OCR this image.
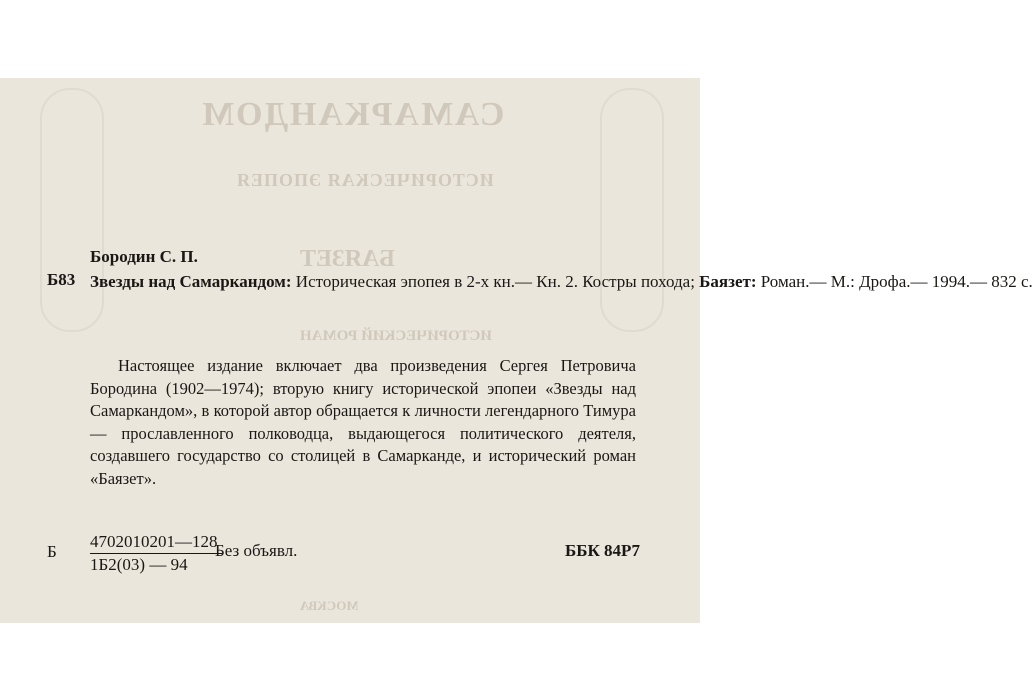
САМАРКАНДОМ
ИСТОРИЧЕСКАЯ ЭПОПЕЯ
БАЯЗЕТ
ИСТОРИЧЕСКИЙ РОМАН
МОСКВА
Бородин С. П.
Б83 Звезды над Самаркандом: Историческая эпопея в 2-х кн.— Кн. 2. Костры похода; Баязет: Роман.— М.: Дрофа.— 1994.— 832 с.
Настоящее издание включает два произведения Сергея Петровича Бородина (1902—1974); вторую книгу исторической эпопеи «Звезды над Самаркандом», в которой автор обращается к личности легендарного Тимура — прославленного полководца, выдающегося политического деятеля, создавшего государство со столицей в Самарканде, и исторический роман «Баязет».
Б
4702010201—128
1Б2(03) — 94
Без объявл.	ББК 84Р7
